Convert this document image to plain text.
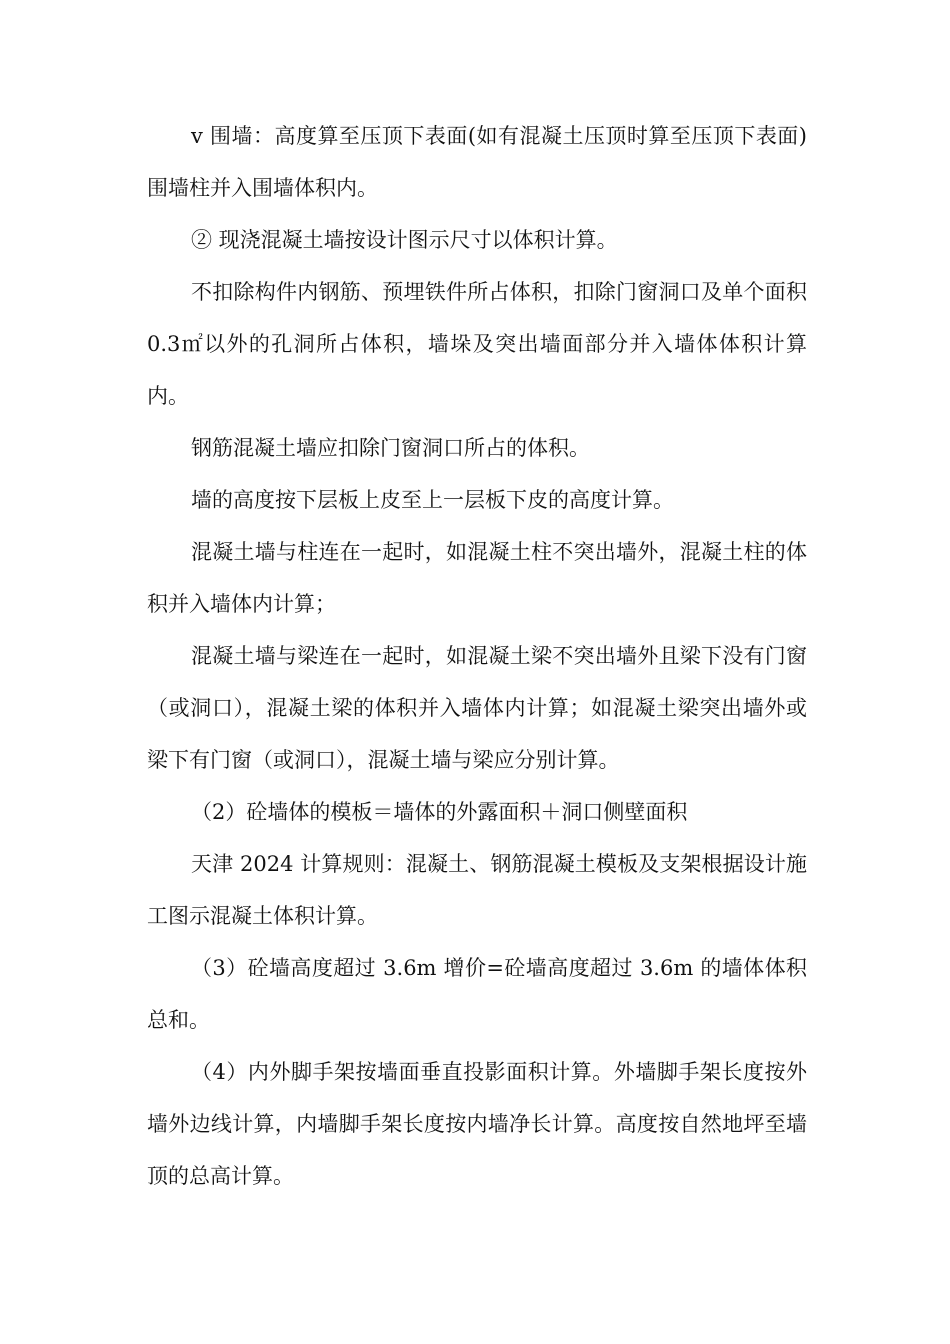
v 围墙：高度算至压顶下表面(如有混凝土压顶时算至压顶下表面)围墙柱并入围墙体积内。

② 现浇混凝土墙按设计图示尺寸以体积计算。

不扣除构件内钢筋、预埋铁件所占体积，扣除门窗洞口及单个面积 0.3㎡以外的孔洞所占体积，墙垛及突出墙面部分并入墙体体积计算内。

钢筋混凝土墙应扣除门窗洞口所占的体积。

墙的高度按下层板上皮至上一层板下皮的高度计算。

混凝土墙与柱连在一起时，如混凝土柱不突出墙外，混凝土柱的体积并入墙体内计算；

混凝土墙与梁连在一起时，如混凝土梁不突出墙外且梁下没有门窗（或洞口），混凝土梁的体积并入墙体内计算；如混凝土梁突出墙外或梁下有门窗（或洞口），混凝土墙与梁应分别计算。

（2）砼墙体的模板＝墙体的外露面积＋洞口侧壁面积

天津 2024 计算规则：混凝土、钢筋混凝土模板及支架根据设计施工图示混凝土体积计算。

（3）砼墙高度超过 3.6m 增价=砼墙高度超过 3.6m 的墙体体积总和。

（4）内外脚手架按墙面垂直投影面积计算。外墙脚手架长度按外墙外边线计算，内墙脚手架长度按内墙净长计算。高度按自然地坪至墙顶的总高计算。
